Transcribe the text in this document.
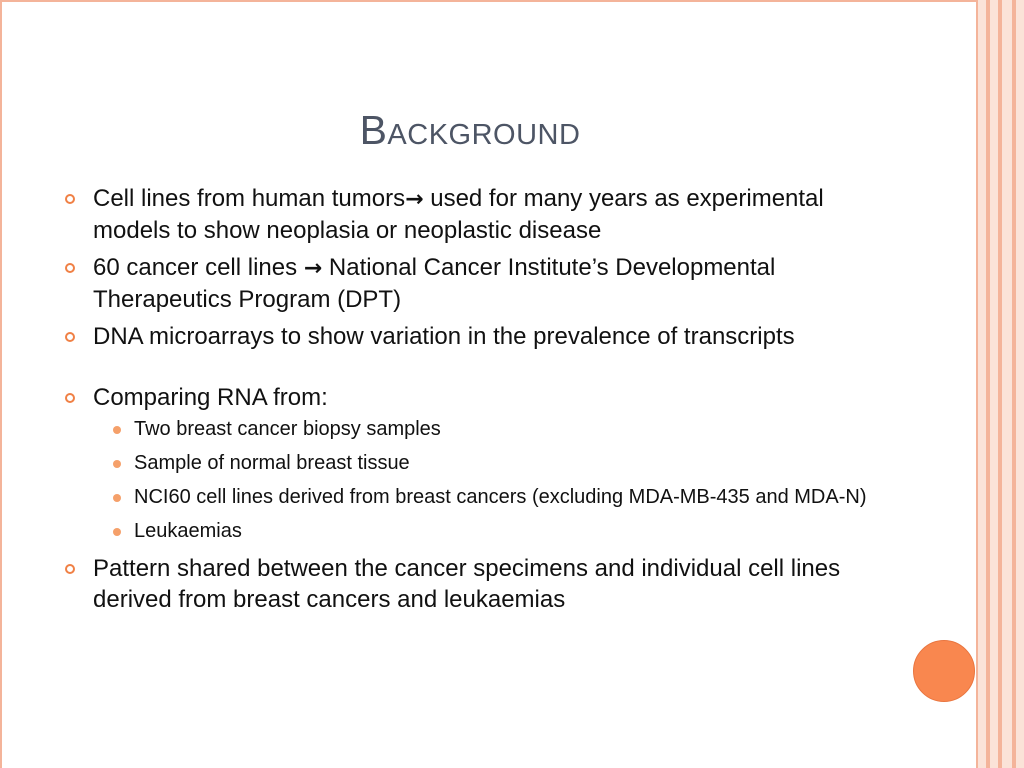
Background
Cell lines from human tumors→ used for many years as experimental models to show neoplasia or neoplastic disease
60 cancer cell lines → National Cancer Institute’s Developmental Therapeutics Program (DPT)
DNA microarrays to show variation in the prevalence of transcripts
Comparing RNA from:
Two breast cancer biopsy samples
Sample of normal breast tissue
NCI60 cell lines derived from breast cancers (excluding MDA-MB-435 and MDA-N)
Leukaemias
Pattern shared between the cancer specimens and individual cell lines derived from breast cancers and leukaemias
